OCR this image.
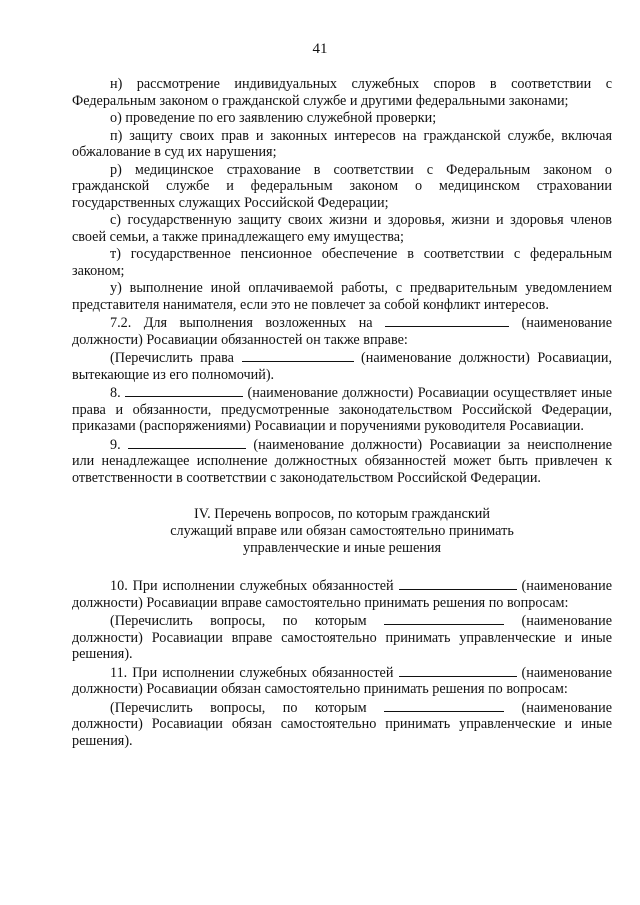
41

н) рассмотрение индивидуальных служебных споров в соответствии с Федеральным законом о гражданской службе и другими федеральными законами;

о) проведение по его заявлению служебной проверки;

п) защиту своих прав и законных интересов на гражданской службе, включая обжалование в суд их нарушения;

р) медицинское страхование в соответствии с Федеральным законом о гражданской службе и федеральным законом о медицинском страховании государственных служащих Российской Федерации;

с) государственную защиту своих жизни и здоровья, жизни и здоровья членов своей семьи, а также принадлежащего ему имущества;

т) государственное пенсионное обеспечение в соответствии с федеральным законом;

у) выполнение иной оплачиваемой работы, с предварительным уведомлением представителя нанимателя, если это не повлечет за собой конфликт интересов.

7.2. Для выполнения возложенных на	(наименование должности) Росавиации обязанностей он также вправе:

(Перечислить права	(наименование должности) Росавиации, вытекающие из его полномочий).

8.	(наименование должности) Росавиации осуществляет иные права и обязанности, предусмотренные законодательством Российской Федерации, приказами (распоряжениями) Росавиации и поручениями руководителя Росавиации.

9.	(наименование должности) Росавиации за неисполнение или ненадлежащее исполнение должностных обязанностей может быть привлечен к ответственности в соответствии с законодательством Российской Федерации.

IV. Перечень вопросов, по которым гражданский
служащий вправе или обязан самостоятельно принимать
управленческие и иные решения

10. При исполнении служебных обязанностей	(наименование должности) Росавиации вправе самостоятельно принимать решения по вопросам:

(Перечислить вопросы, по которым	(наименование должности) Росавиации вправе самостоятельно принимать управленческие и иные решения).

11. При исполнении служебных обязанностей	(наименование должности) Росавиации обязан самостоятельно принимать решения по вопросам:

(Перечислить вопросы, по которым	(наименование должности) Росавиации обязан самостоятельно принимать управленческие и иные решения).
